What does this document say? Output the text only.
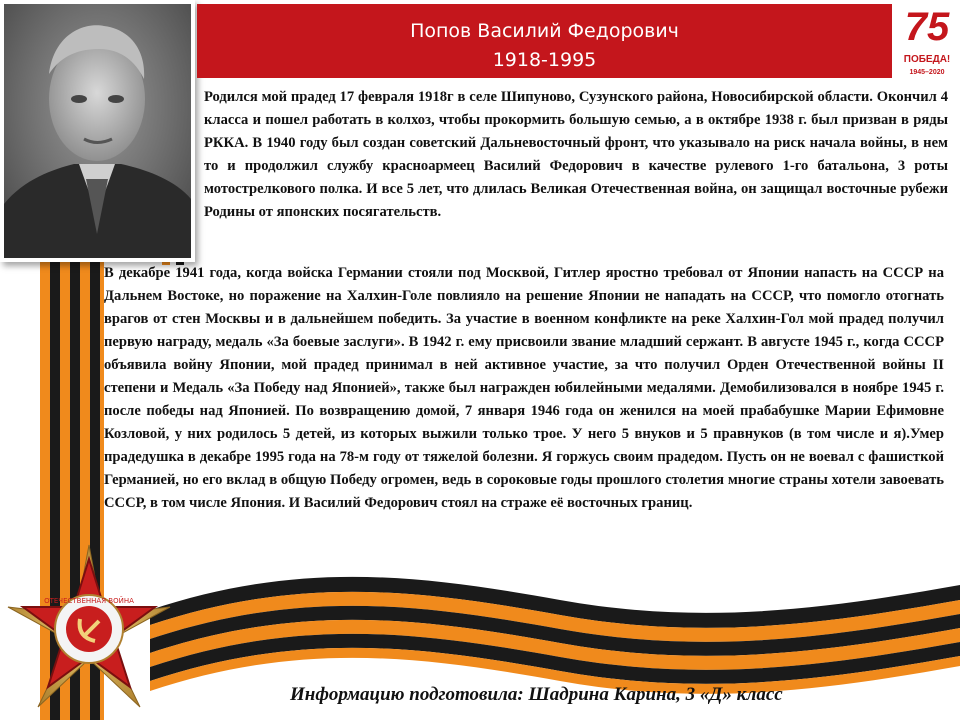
Попов Василий Федорович
1918-1995
75
ПОБЕДА!
1945–2020
Родился мой прадед 17 февраля 1918г в селе Шипуново, Сузунского района, Новосибирской области. Окончил 4 класса и пошел работать в колхоз, чтобы прокормить большую семью, а в октябре 1938 г. был призван в ряды РККА. В 1940 году был создан советский Дальневосточный фронт, что указывало на риск начала войны, в нем то и продолжил службу красноармеец Василий Федорович в качестве рулевого 1-го батальона, 3 роты мотострелкового полка. И все 5 лет, что длилась Великая Отечественная война, он защищал восточные рубежи Родины от японских посягательств.
В декабре 1941 года, когда войска Германии стояли под Москвой, Гитлер яростно требовал от Японии напасть на СССР на Дальнем Востоке, но поражение на Халхин-Голе повлияло на решение Японии не нападать на СССР, что помогло отогнать врагов от стен Москвы и в дальнейшем победить. За участие в военном конфликте на реке Халхин-Гол мой прадед получил первую награду, медаль «За боевые заслуги». В 1942 г. ему присвоили звание младший сержант. В августе 1945 г., когда СССР объявила войну Японии, мой прадед принимал в ней активное участие, за что получил Орден Отечественной войны II степени и Медаль «За Победу над Японией», также был награжден юбилейными медалями. Демобилизовался в ноябре 1945 г. после победы над Японией. По возвращению домой, 7 января 1946 года он женился на моей прабабушке Марии Ефимовне Козловой, у них родилось 5 детей, из которых выжили только трое. У него 5 внуков и 5 правнуков (в том числе и я).Умер прадедушка в декабре 1995 года на 78-м году от тяжелой болезни. Я горжусь своим прадедом. Пусть он не воевал с фашисткой Германией, но его вклад в общую Победу огромен, ведь в сороковые годы прошлого столетия многие страны хотели завоевать СССР, в том числе Япония. И Василий Федорович стоял на страже её восточных границ.
ОТЕЧЕСТВЕННАЯ ВОЙНА
Информацию подготовила: Шадрина Карина, 3 «Д» класс
